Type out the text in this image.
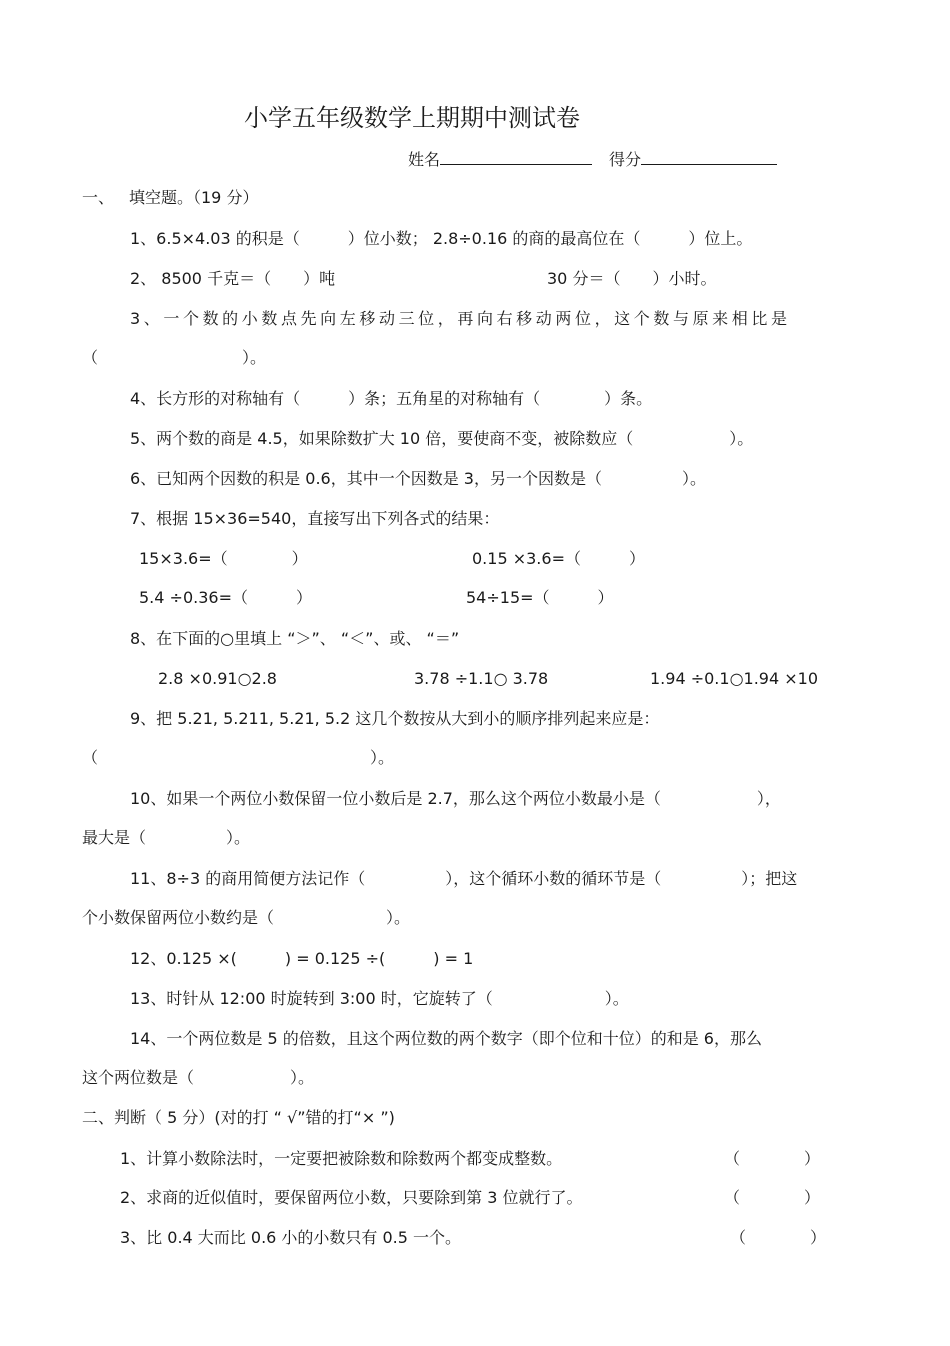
小学五年级数学上期期中测试卷
姓名	得分
一、 填空题。（19 分）
1、6.5×4.03 的积是（　　　）位小数； 2.8÷0.16 的商的最高位在（　　　）位上。
2、 8500 千克＝（　　）吨	30 分＝（　　）小时。
3、一个数的小数点先向左移动三位，再向右移动两位，这个数与原来相比是
（　　　　　　　　　）。
4、长方形的对称轴有（　　　）条；五角星的对称轴有（　　　　）条。
5、两个数的商是 4.5，如果除数扩大 10 倍，要使商不变，被除数应（　　　　　　）。
6、已知两个因数的积是 0.6，其中一个因数是 3，另一个因数是（　　　　　）。
7、根据 15×36=540，直接写出下列各式的结果：
15×3.6=（　　　　）	0.15 ×3.6=（　　　）
5.4 ÷0.36=（　　　）	54÷15=（　　　）
8、在下面的○里填上 “＞”、 “＜”、或、 “＝”
2.8 ×0.91○2.8	3.78 ÷1.1○ 3.78	1.94 ÷0.1○1.94 ×10
9、把 5.21, 5.211, 5.21, 5.2 这几个数按从大到小的顺序排列起来应是：
（　　　　　　　　　　　　　　　　　）。
10、如果一个两位小数保留一位小数后是 2.7，那么这个两位小数最小是（　　　　　　），
最大是（　　　　　）。
11、8÷3 的商用简便方法记作（　　　　　），这个循环小数的循环节是（　　　　　）；把这
个小数保留两位小数约是（　　　　　　　）。
12、0.125 ×(　　　) = 0.125 ÷(　　　) = 1
13、时针从 12:00 时旋转到 3:00 时，它旋转了（　　　　　　　）。
14、一个两位数是 5 的倍数，且这个两位数的两个数字（即个位和十位）的和是 6，那么
这个两位数是（　　　　　　）。
二、判断（ 5 分）(对的打 “ √”错的打“× ”)
1、计算小数除法时，一定要把被除数和除数两个都变成整数。	（　　　　）
2、求商的近似值时，要保留两位小数，只要除到第 3 位就行了。	（　　　　）
3、比 0.4 大而比 0.6 小的小数只有 0.5 一个。	（　　　　）
